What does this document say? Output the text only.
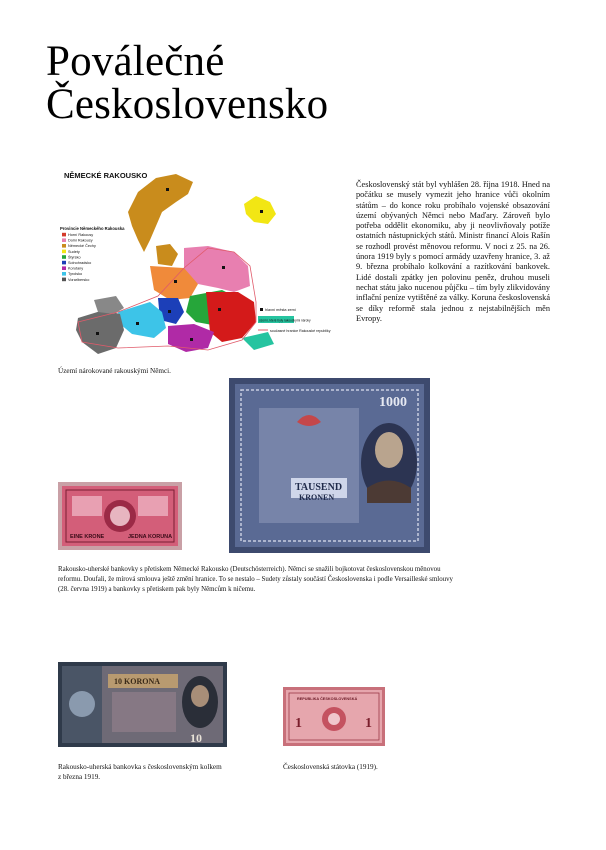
Poválečné
Československo
NĚMECKÉ RAKOUSKO
Provincie Německého Rakouska
Horní Rakousy
Dolní Rakousy
Německé Čechy
Sudety
Štýrsko
Solnohradsko
Korutany
Tyrolsko
Vorarlbersko
hlavní města zemí
území, které byly rakouskými nároky
současné hranice Rakouské republiky
Území nárokované rakouskými Němci.

Československý stát byl vyhlášen 28. října 1918. Hned na počátku se musely vymezit jeho hranice vůči okolním státům – do konce roku probíhalo vojenské obsazování území obývaných Němci nebo Maďary. Zároveň bylo potřeba oddělit ekonomiku, aby ji neovlivňovaly potíže ostatních nástupnických států. Ministr financí Alois Rašín se rozhodl provést měnovou reformu. V noci z 25. na 26. února 1919 byly s pomocí armády uzavřeny hranice, 3. až 9. března probíhalo kolkování a razítkování bankovek. Lidé dostali zpátky jen polovinu peněz, druhou museli nechat státu jako nucenou půjčku – tím byly zlikvidovány inflační peníze vytištěné za války. Koruna československá se díky reformě stala jednou z nejstabilnějších měn Evropy.

EINE KRONE	JEDNA KORUNA
1000
TAUSEND
KRONEN
Rakousko-uherské bankovky s přetiskem Německé Rakousko (Deutschösterreich). Němci se snažili bojkotovat československou měnovou reformu. Doufali, že mírová smlouva ještě změní hranice. To se nestalo – Sudety zůstaly součástí Československa i podle Versailleské smlouvy (28. června 1919) a bankovky s přetiskem pak byly Němcům k ničemu.
10 KORONA
10
Rakousko-uherská bankovka s československým kolkem z března 1919.
REPUBLIKA ČESKOSLOVENSKÁ
1	1
Československá státovka (1919).
